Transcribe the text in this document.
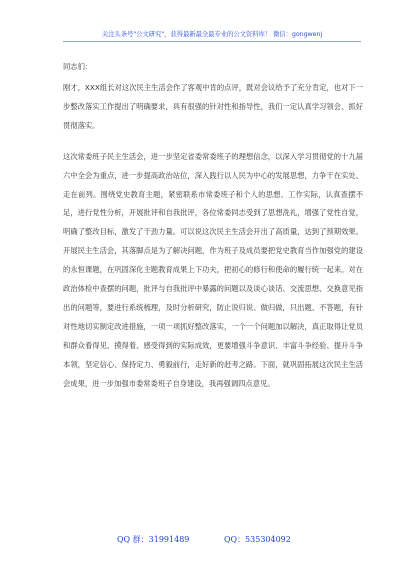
关注头条号"公文研究"，获得最新最全最专业的公文资料库！ 微信：gongwenj

同志们：

刚才，XXX组长对这次民主生活会作了客观中肯的点评，既对会议给予了充分肯定，也对下一步整改落实工作提出了明确要求，具有很强的针对性和指导性，我们一定认真学习领会、抓好贯彻落实。

这次常委班子民主生活会，进一步坚定省委常委班子的理想信念，以深入学习贯彻党的十九届六中全会为重点，进一步提高政治站位，深入践行以人民为中心的发展思想，力争干在实处、走在前列。围绕党史教育主题，紧密联系市常委班子和个人的思想、工作实际，认真查摆不足，进行党性分析，开展批评和自我批评，各位常委同志受到了思想洗礼，增强了党性自觉，明确了整改目标，激发了干劲力量。可以说这次民主生活会开出了高质量，达到了预期效果。开展民主生活会，其落脚点是为了解决问题，作为班子及成员要把党史教育当作加强党的建设的永恒课题，在巩固深化主题教育成果上下功夫，把初心的修行和使命的履行统一起来。对在政治体检中查摆的问题，批评与自我批评中暴露的问题以及谈心谈话、交流思想、交换意见指出的问题等，要进行系统梳理，及时分析研究，防止说归说、做归做，只出题、不答题，有针对性地切实制定改进措施，一项一项抓好整改落实，一个一个问题加以解决，真正取得让党员和群众看得见、摸得着、感受得到的实际成效，更要增强斗争意识、丰富斗争经验、提升斗争本领，坚定信心、保持定力、勇毅前行，走好新的赶考之路。下面，就巩固拓展这次民主生活会成果，进一步加强市委常委班子自身建设，我再强调四点意见。

QQ 群：31991489	QQ：535304092
